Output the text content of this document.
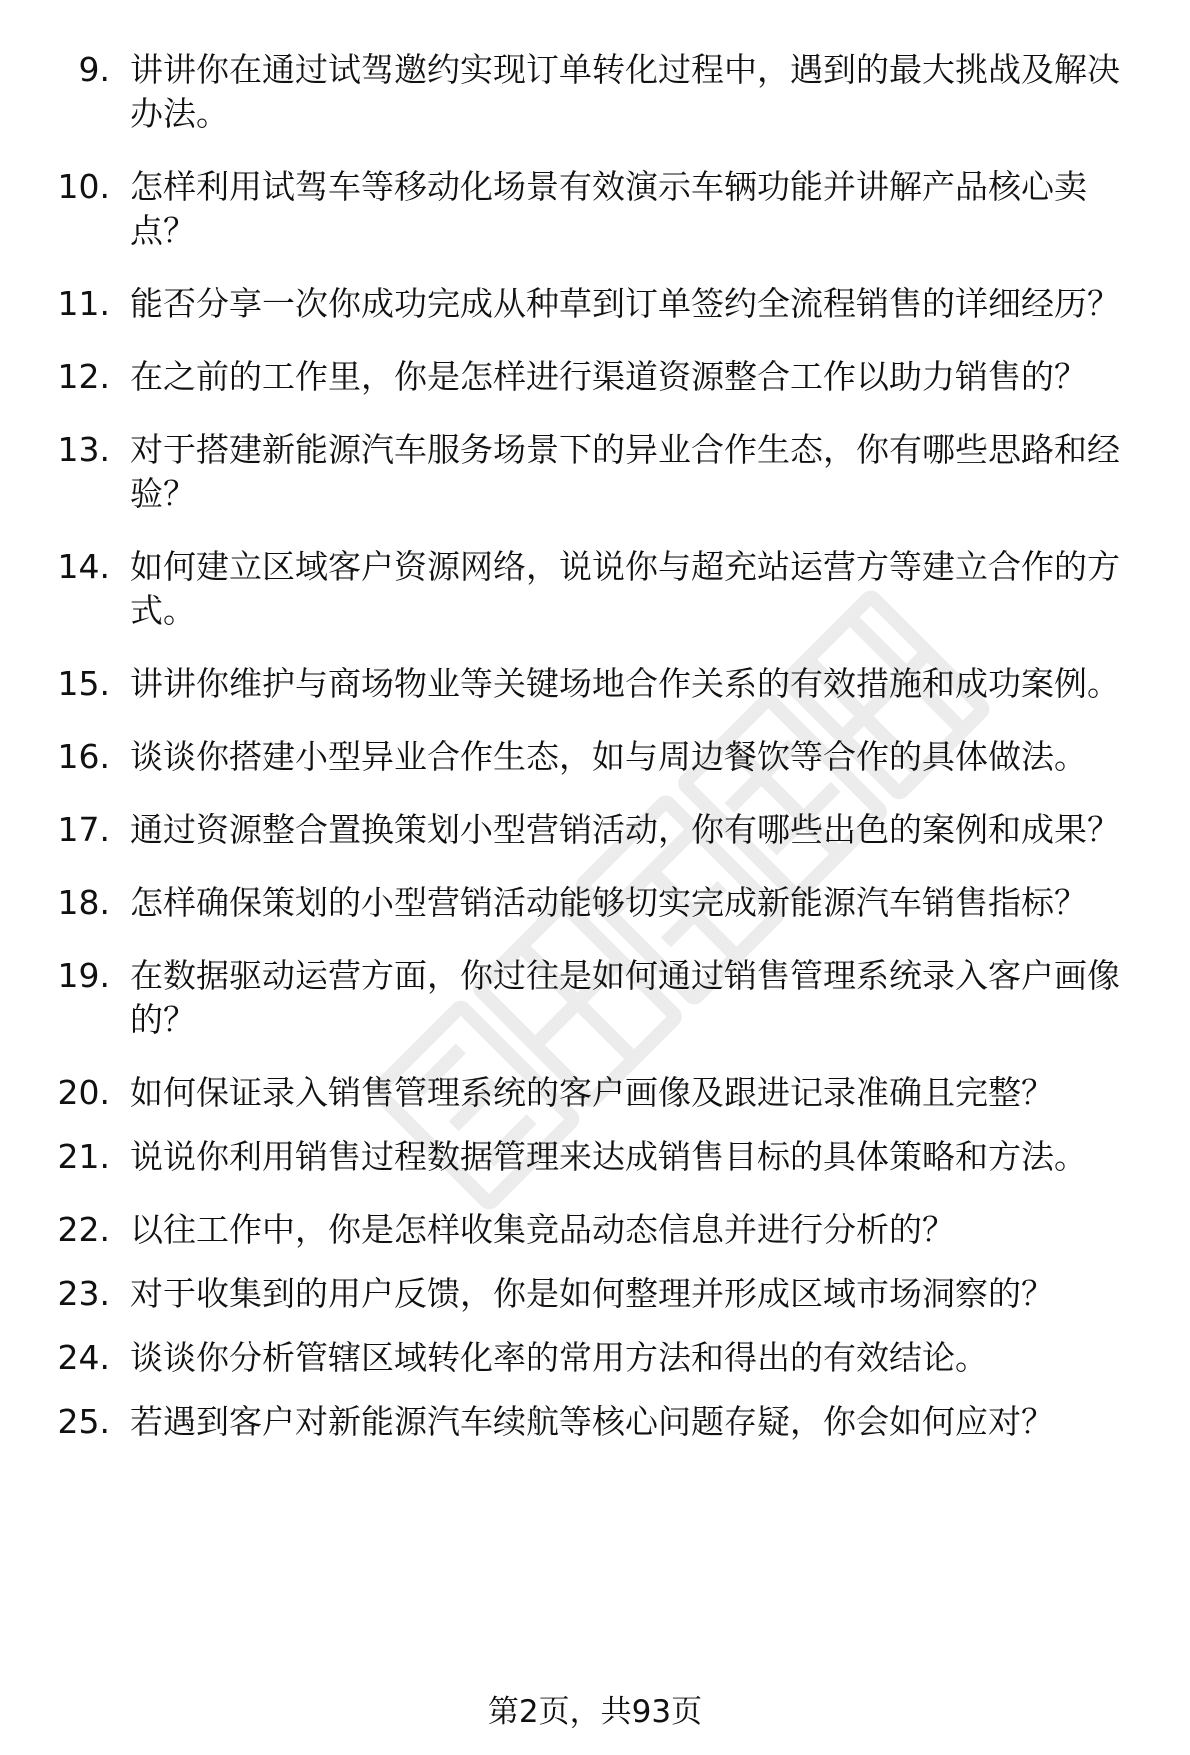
9. 讲讲你在通过试驾邀约实现订单转化过程中，遇到的最大挑战及解决办法。
10. 怎样利用试驾车等移动化场景有效演示车辆功能并讲解产品核心卖点？
11. 能否分享一次你成功完成从种草到订单签约全流程销售的详细经历？
12. 在之前的工作里，你是怎样进行渠道资源整合工作以助力销售的？
13. 对于搭建新能源汽车服务场景下的异业合作生态，你有哪些思路和经验？
14. 如何建立区域客户资源网络，说说你与超充站运营方等建立合作的方式。
15. 讲讲你维护与商场物业等关键场地合作关系的有效措施和成功案例。
16. 谈谈你搭建小型异业合作生态，如与周边餐饮等合作的具体做法。
17. 通过资源整合置换策划小型营销活动，你有哪些出色的案例和成果？
18. 怎样确保策划的小型营销活动能够切实完成新能源汽车销售指标？
19. 在数据驱动运营方面，你过往是如何通过销售管理系统录入客户画像的？
20. 如何保证录入销售管理系统的客户画像及跟进记录准确且完整？
21. 说说你利用销售过程数据管理来达成销售目标的具体策略和方法。
22. 以往工作中，你是怎样收集竞品动态信息并进行分析的？
23. 对于收集到的用户反馈，你是如何整理并形成区域市场洞察的？
24. 谈谈你分析管辖区域转化率的常用方法和得出的有效结论。
25. 若遇到客户对新能源汽车续航等核心问题存疑，你会如何应对？
第2页，共93页
